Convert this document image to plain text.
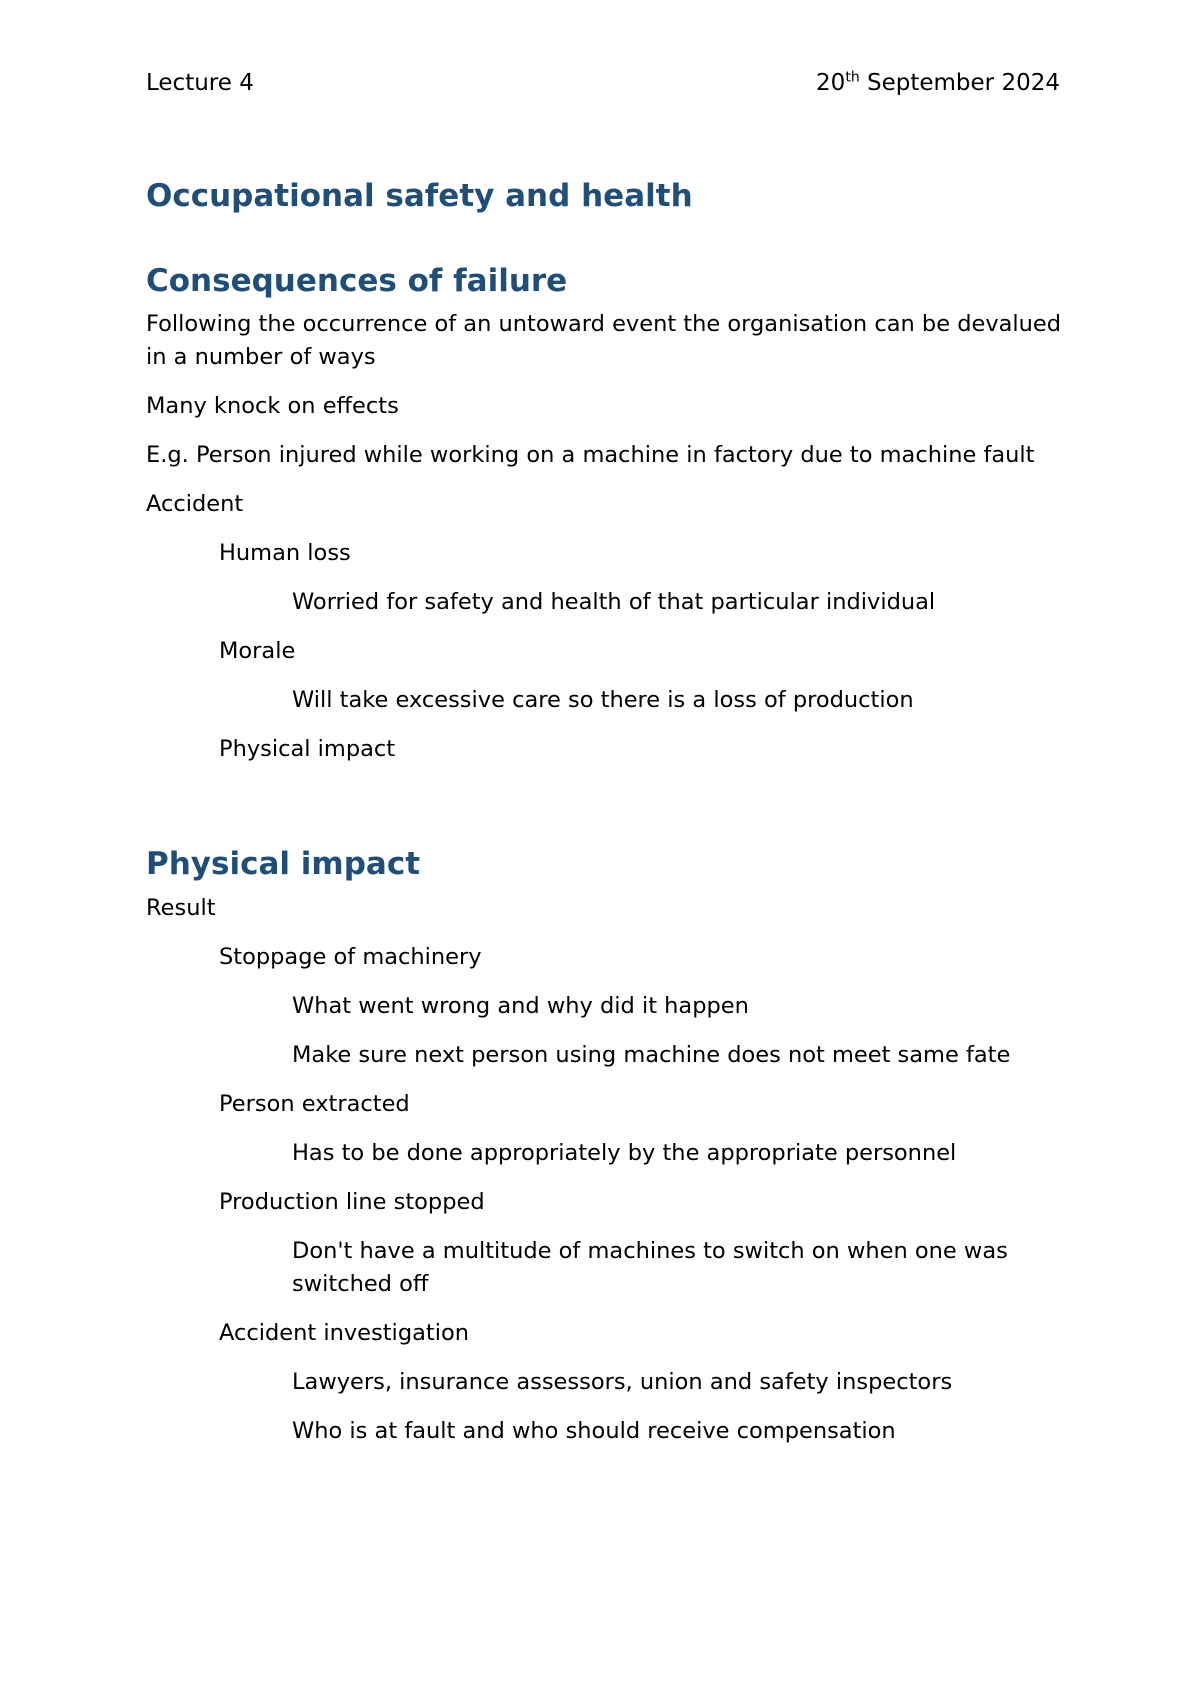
Lecture 4	20th September 2024
Occupational safety and health
Consequences of failure

Following the occurrence of an untoward event the organisation can be devalued in a number of ways

Many knock on effects

E.g. Person injured while working on a machine in factory due to machine fault

Accident

Human loss

Worried for safety and health of that particular individual

Morale

Will take excessive care so there is a loss of production

Physical impact

Physical impact

Result

Stoppage of machinery

What went wrong and why did it happen

Make sure next person using machine does not meet same fate

Person extracted

Has to be done appropriately by the appropriate personnel

Production line stopped

Don't have a multitude of machines to switch on when one was switched off

Accident investigation

Lawyers, insurance assessors, union and safety inspectors

Who is at fault and who should receive compensation
